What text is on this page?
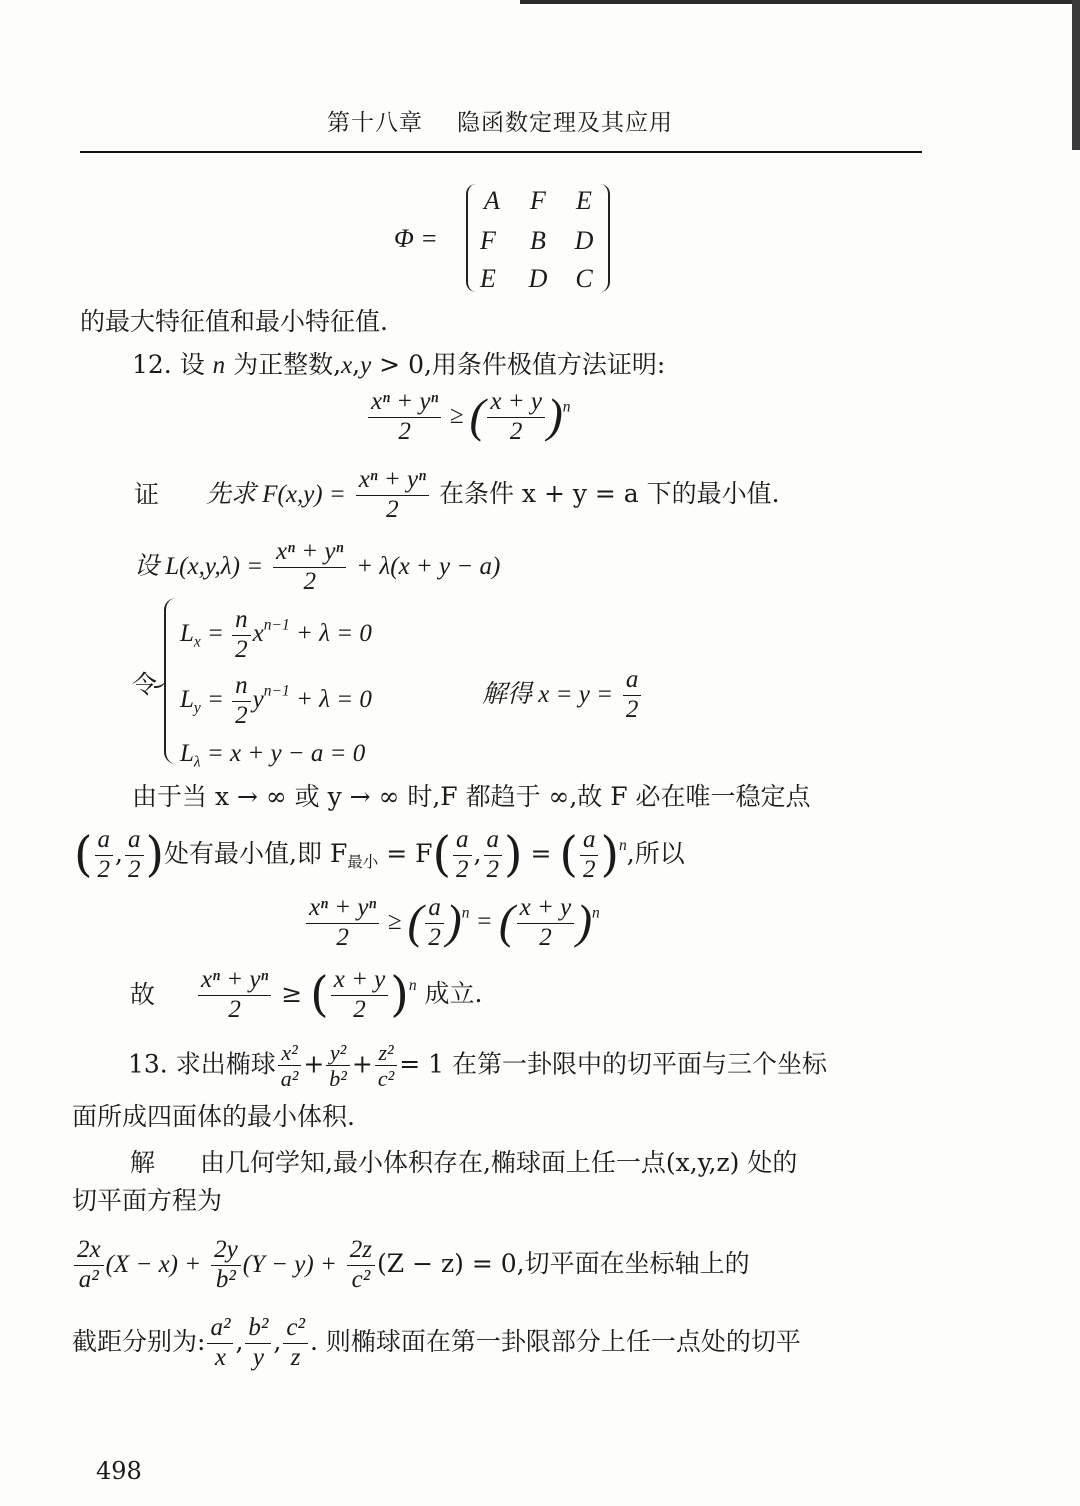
第十八章 隐函数定理及其应用
Φ =
A	F	E
F	B	D
E	D	C
的最大特征值和最小特征值.
12. 设 n 为正整数,x,y > 0,用条件极值方法证明:
$\frac{\text{xⁿ + yⁿ}}{2}$ ≥ ( $\frac{x + y}{2} )^n$
证 先求 $F(x,y) = \frac{\text{xⁿ + yⁿ}}{2}$ 在条件 x + y = a 下的最小值.
设 $L(x,y,\lambda) = \frac{\text{xⁿ + yⁿ}}{2} + \lambda(x + y - a)$
令
$L_x = \frac{n}{2} x^{n-1} + \lambda = 0$
$L_y = \frac{n}{2} y^{n-1} + \lambda = 0$	解得 $x = y = \frac{a}{2}$
$L_\lambda = x + y - a = 0$
由于当 x → ∞ 或 y → ∞ 时,F 都趋于 ∞,故 F 必在唯一稳定点
( $\frac{a}{2}$ , $\frac{a}{2}$ )处有最小值,即 $F_{最小} = F( \frac{a}{2}$ , $\frac{a}{2}$ ) = ( $\frac{a}{2} )^n$,所以
$\frac{\text{xⁿ + yⁿ}}{2}$ ≥ ( $\frac{a}{2} )^n$ = ( $\frac{x + y}{2} )^n$
故 $\frac{\text{xⁿ + yⁿ}}{2}$ ≥ ( $\frac{x + y}{2} )^n$ 成立.
13. 求出椭球 $\frac{\text{x²}}{\text{a²}} + \frac{\text{y²}}{\text{b²}} + \frac{\text{z²}}{\text{c²}} = 1$ 在第一卦限中的切平面与三个坐标
面所成四面体的最小体积.
解 由几何学知,最小体积存在,椭球面上任一点(x,y,z) 处的
切平面方程为
$\frac{2x}{\text{a²}} (X - x) + \frac{2y}{\text{b²}} (Y - y) + \frac{2z}{\text{c²}} (Z - z) = 0$,切平面在坐标轴上的
截距分别为: $\frac{\text{a²}}{x}$ , $\frac{\text{b²}}{y}$ , $\frac{\text{c²}}{z}$ . 则椭球面在第一卦限部分上任一点处的切平
498
